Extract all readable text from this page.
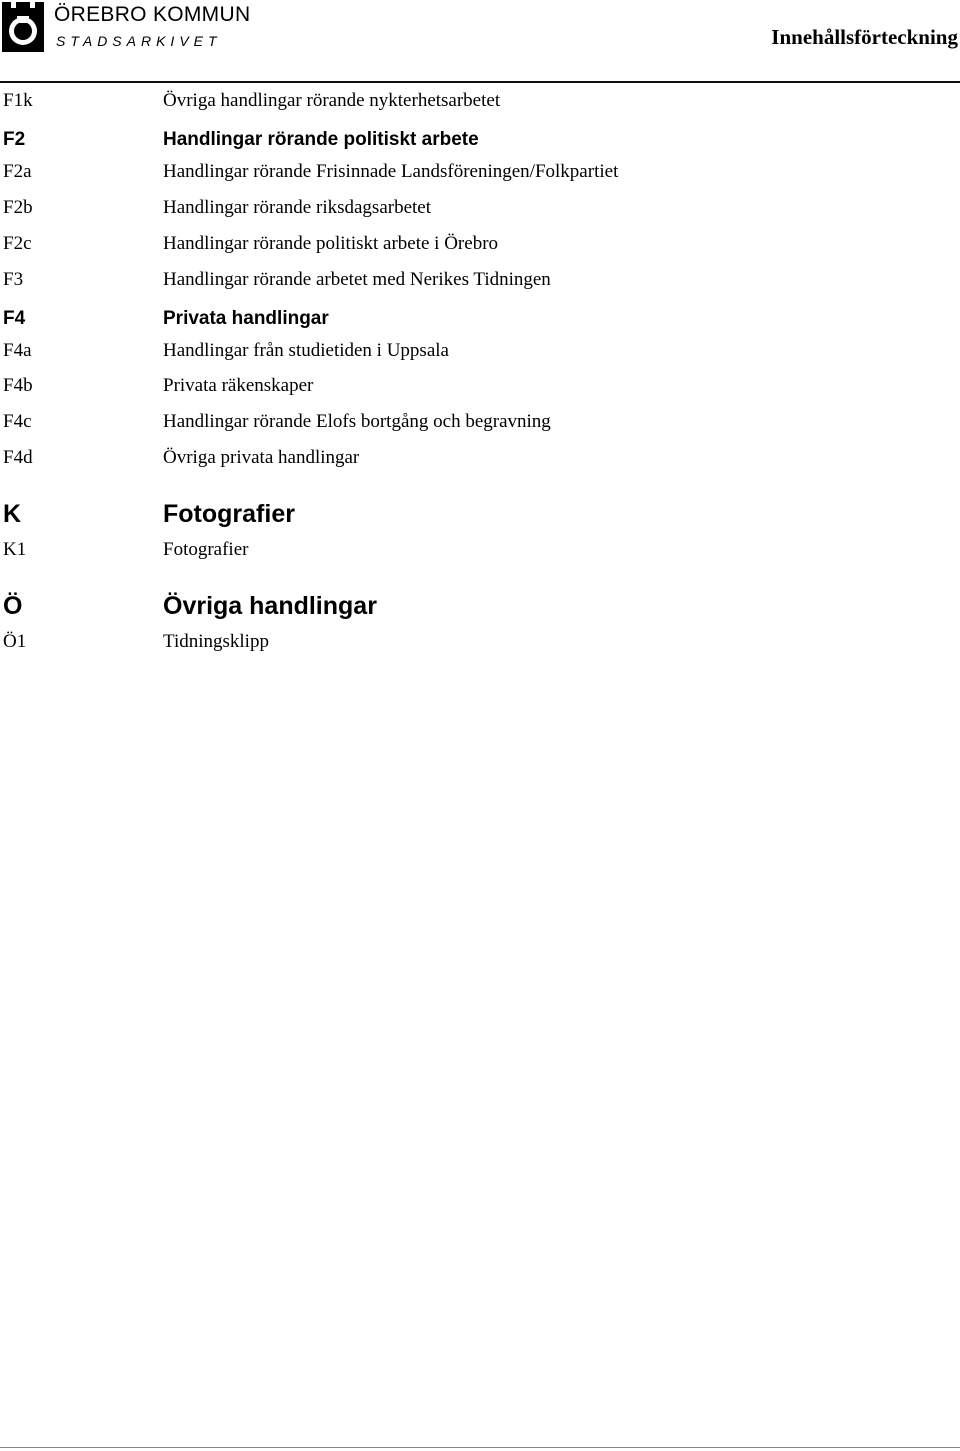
ÖREBRO KOMMUN
STADSARKIVET	Innehållsförteckning
F1k	Övriga handlingar rörande nykterhetsarbetet
F2	Handlingar rörande politiskt arbete
F2a	Handlingar rörande Frisinnade Landsföreningen/Folkpartiet
F2b	Handlingar rörande riksdagsarbetet
F2c	Handlingar rörande politiskt arbete i Örebro
F3	Handlingar rörande arbetet med Nerikes Tidningen
F4	Privata handlingar
F4a	Handlingar från studietiden i Uppsala
F4b	Privata räkenskaper
F4c	Handlingar rörande Elofs bortgång och begravning
F4d	Övriga privata handlingar
K	Fotografier
K1	Fotografier
Ö	Övriga handlingar
Ö1	Tidningsklipp
